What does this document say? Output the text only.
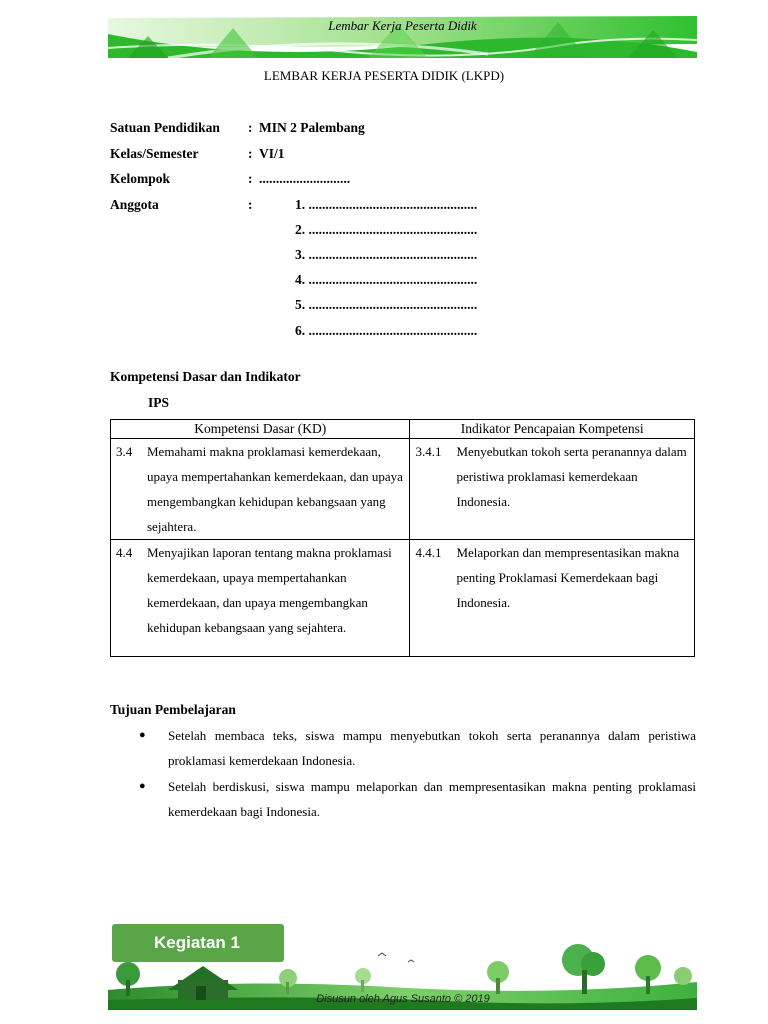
Lembar Kerja Peserta Didik
LEMBAR KERJA PESERTA DIDIK (LKPD)
Satuan Pendidikan	: MIN 2 Palembang
Kelas/Semester	: VI/1
Kelompok	: ...........................
Anggota	:	1. ..................................................
2. ..................................................
3. ..................................................
4. ..................................................
5. ..................................................
6. ..................................................
Kompetensi Dasar dan Indikator
IPS
Kompetensi Dasar (KD)	Indikator Pencapaian Kompetensi

3.4 Memahami makna proklamasi kemerdekaan, upaya mempertahankan kemerdekaan, dan upaya mengembangkan kehidupan kebangsaan yang sejahtera.	3.4.1 Menyebutkan tokoh serta peranannya dalam peristiwa proklamasi kemerdekaan Indonesia.

4.4 Menyajikan laporan tentang makna proklamasi kemerdekaan, upaya mempertahankan kemerdekaan, dan upaya mengembangkan kehidupan kebangsaan yang sejahtera.	4.4.1 Melaporkan dan mempresentasikan makna penting Proklamasi Kemerdekaan bagi Indonesia.
Tujuan Pembelajaran
● Setelah membaca teks, siswa mampu menyebutkan tokoh serta peranannya dalam peristiwa proklamasi kemerdekaan Indonesia.
● Setelah berdiskusi, siswa mampu melaporkan dan mempresentasikan makna penting proklamasi kemerdekaan bagi Indonesia.
Kegiatan 1
Disusun oleh Agus Susanto © 2019
